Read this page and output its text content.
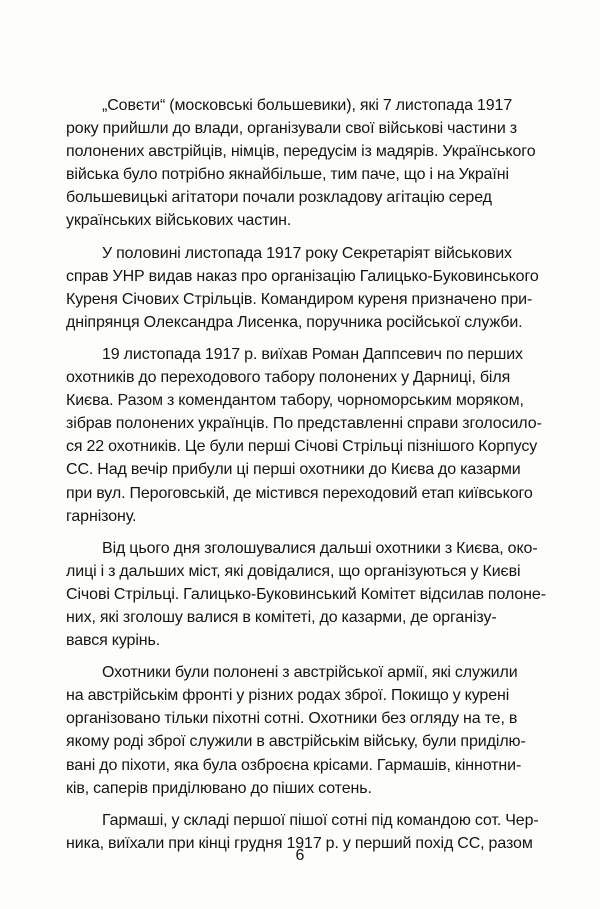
„Совєти“ (московські большевики), які 7 листопада 1917
року прийшли до влади, організували свої військові частини з
полонених австрійців, німців, передусім із мадярів. Українського
війська було потрібно якнайбільше, тим паче, що і на Україні
большевицькі агітатори почали розкладову агітацію серед
українських військових частин.

У половині листопада 1917 року Секретаріят військових
справ УНР видав наказ про організацію Галицько-Буковинського
Куреня Січових Стрільців. Командиром куреня призначено при-
дніпрянця Олександра Лисенка, поручника російської служби.

19 листопада 1917 р. виїхав Роман Даппсевич по перших
охотників до переходового табору полонених у Дарниці, біля
Києва. Разом з комендантом табору, чорноморським моряком,
зібрав полонених українців. По представленні справи зголосило-
ся 22 охотників. Це були перші Січові Стрільці пізнішого Корпусу
СС. Над вечір прибули ці перші охотники до Києва до казарми
при вул. Пероговській, де містився переходовий етап київського
гарнізону.

Від цього дня зголошувалися дальші охотники з Києва, око-
лиці і з дальших міст, які довідалися, що організуються у Києві
Січові Стрільці. Галицько-Буковинський Комітет відсилав полоне-
них, які зголошу валися в комітеті, до казарми, де організу-
вався курінь.

Охотники були полонені з австрійської армії, які служили
на австрійськім фронті у різних родах зброї. Покищо у курені
організовано тільки піхотні сотні. Охотники без огляду на те, в
якому роді зброї служили в австрійськім війську, були приділю-
вані до піхоти, яка була озброєна крісами. Гармашів, кіннотни-
ків, саперів приділювано до піших сотень.

Гармаші, у складі першої пішої сотні під командою сот. Чер-
ника, виїхали при кінці грудня 1917 р. у перший похід СС, разом

6
